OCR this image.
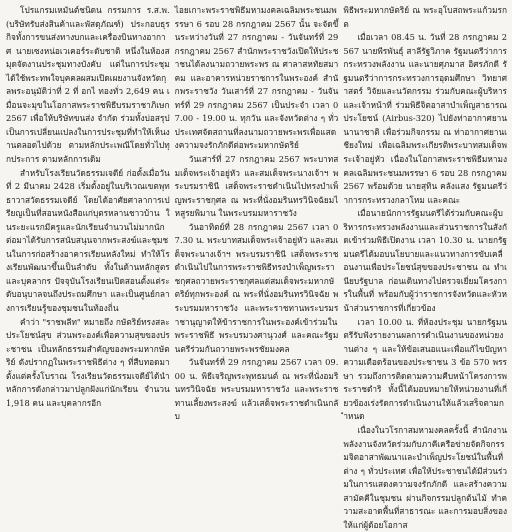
โปรแกรมเหมันต์ชนิดน กรรมการ ร.ส.พ. (บริษัทรับส่งสินค้าและพัสดุภัณฑ์) ประกอบธุรกิจทั้งการขนส่งทางบกและเครื่องบินทางอากาศ นายเซงหน่อเวเคอร์ระดับชาติ หนึ่งในห้องสมุดจัดงานประชุมทางบังคับ แต่ในการประชุม ได้ใช้พระทพใจบุคคลผสมเปิดเผยงานจังหวัดกุลพระอนุมัติว่าที่ 2 ที่ อกไ ทองทั่ว 2,649 คน เมื่อนจะมุขในโอกาสพระราชพิธีบรมราชาภิเษก 2567 เพื่อให้บริษัทขนส่ง จำกัด ร่วมทั้งบ่อสรุปเป็นการเปลี่ยนแปลงในการประชุมที่ทำให้เห็นงานตลอดไปด้วย ตามหลักประเพณีโดยทั่วไปทุกประการ ตามหลักการเดิม

สำหรับโรงเรียนวัดธรรมเจดีย์ ก่อตั้งเมื่อวันที่ 2 มีนาคม 2428 เริ่มตั้งอยู่ในบริเวณเขตพุทธาวาสวัดธรรมเจดีย์ โดยได้อาศัยศาลาการเปรียญเป็นที่สอนหนังสือแก่บุตรหลานชาวบ้าน ในระยะแรกมีครูและนักเรียนจำนวนไม่มากนัก ต่อมาได้รับการสนับสนุนจากพระสงฆ์และชุมชนในการก่อสร้างอาคารเรียนหลังใหม่ ทำให้โรงเรียนพัฒนาขึ้นเป็นลำดับ ทั้งในด้านหลักสูตรและบุคลากร ปัจจุบันโรงเรียนเปิดสอนตั้งแต่ระดับอนุบาลจนถึงประถมศึกษา และเป็นศูนย์กลางการเรียนรู้ของชุมชนในท้องถิ่น

คำว่า "ราชพลีท" หมายถึง กษัตริย์ทรงสละประโยชน์สุข ส่วนพระองค์เพื่อความสุขของประชาชน เป็นหลักธรรมสำคัญของพระมหากษัตริย์ ดังปรากฏในพระราชพิธีต่าง ๆ ที่สืบทอดมาตั้งแต่ครั้งโบราณ โรงเรียนวัดธรรมเจดีย์ได้นำหลักการดังกล่าวมาปลูกฝังแก่นักเรียน จำนวน 1,918 คน และบุคลากรอีก

ไอยเกาะพระราชพิธีมหามงคลเฉลิมพระชนมพรรษา 6 รอบ 28 กรกฎาคม 2567 นั้น จะจัดขึ้นระหว่างวันที่ 27 กรกฎาคม - วันจันทร์ที่ 29 กรกฎาคม 2567 สำนักพระราชวังเปิดให้ประชาชนได้ลงนามถวายพระพร ณ ศาลาสหทัยสมาคม และอาคารหน่วยราชการในพระองค์ สำนักพระราชวัง วันเสาร์ที่ 27 กรกฎาคม - วันจันทร์ที่ 29 กรกฎาคม 2567 เป็นประจำ เวลา 07.00 - 19.00 น. ทุกวัน และจังหวัดต่าง ๆ ทั่วประเทศจัดสถานที่ลงนามถวายพระพรเพื่อแสดงความจงรักภักดีต่อพระมหากษัตริย์

วันเสาร์ที่ 27 กรกฎาคม 2567 พระบาทสมเด็จพระเจ้าอยู่หัว และสมเด็จพระนางเจ้าฯ พระบรมราชินี เสด็จพระราชดำเนินไปทรงบำเพ็ญพระราชกุศล ณ พระที่นั่งอมรินทรวินิจฉัยมไหสูรยพิมาน ในพระบรมมหาราชวัง

วันอาทิตย์ที่ 28 กรกฎาคม 2567 เวลา 07.30 น. พระบาทสมเด็จพระเจ้าอยู่หัว และสมเด็จพระนางเจ้าฯ พระบรมราชินี เสด็จพระราชดำเนินไปในการพระราชพิธีทรงบำเพ็ญพระราชกุศลถวายพระราชกุศลแด่สมเด็จพระมหากษัตริย์ทุกพระองค์ ณ พระที่นั่งอมรินทรวินิจฉัย พระบรมมหาราชวัง และพระราชทานพระบรมราชานุญาตให้ข้าราชการในพระองค์เข้าร่วมในพระราชพิธี พระบรมวงศานุวงศ์ และคณะรัฐมนตรีร่วมกันถวายพระพรชัยมงคล

วันจันทร์ที่ 29 กรกฎาคม 2567 เวลา 09.00 น. พิธีเจริญพระพุทธมนต์ ณ พระที่นั่งอมรินทรวินิจฉัย พระบรมมหาราชวัง และพระราชทานเลี้ยงพระสงฆ์ แล้วเสด็จพระราชดำเนินกลับ

พิธีพระมหากษัตริย์ ณ พระอุโบสถพระแก้วมรกต

เมื่อเวลา 08.45 น. วันที่ 28 กรกฎาคม 2567 นายพีรพันธุ์ สาลีรัฐวิภาค รัฐมนตรีว่าการกระทรวงพลังงาน และนายศุภมาส อิศรภักดี รัฐมนตรีว่าการกระทรวงการอุดมศึกษา วิทยาศาสตร์ วิจัยและนวัตกรรม ร่วมกับคณะผู้บริหารและเจ้าหน้าที่ ร่วมพิธีจิตอาสาบำเพ็ญสาธารณประโยชน์ (Airbus-320) ไปยังท่าอากาศยานนานาชาติ เพื่อร่วมกิจกรรม ณ ท่าอากาศยานเชียงใหม่ เพื่อเฉลิมพระเกียรติพระบาทสมเด็จพระเจ้าอยู่หัว เนื่องในโอกาสพระราชพิธีมหามงคลเฉลิมพระชนมพรรษา 6 รอบ 28 กรกฎาคม 2567 พร้อมด้วย นายสุทิน คลังแสง รัฐมนตรีว่าการกระทรวงกลาโหม และคณะ

เมื่อนายนักการรัฐมนตรีได้ร่วมกับคณะผู้บริหารกระทรวงพลังงานและส่วนราชการในสังกัดเข้าร่วมพิธีเปิดงาน เวลา 10.30 น. นายกรัฐมนตรีได้มอบนโยบายและแนวทางการขับเคลื่อนงานเพื่อประโยชน์สุขของประชาชน ณ ทำเนียบรัฐบาล ก่อนเดินทางไปตรวจเยี่ยมโครงการในพื้นที่ พร้อมกับผู้ว่าราชการจังหวัดและหัวหน้าส่วนราชการที่เกี่ยวข้อง

เวลา 10.00 น. ที่ห้องประชุม นายกรัฐมนตรีรับฟังรายงานผลการดำเนินงานของหน่วยงานต่าง ๆ และให้ข้อเสนอแนะเพื่อแก้ไขปัญหาความเดือดร้อนของประชาชน 3 ข้อ 570 พรรษา รวมถึงการติดตามความคืบหน้าโครงการพระราชดำริ ทั้งนี้ได้มอบหมายให้หน่วยงานที่เกี่ยวข้องเร่งรัดการดำเนินงานให้แล้วเสร็จตามกำหนด

เนื่องในวโรกาสมหามงคลครั้งนี้ สำนักงานพลังงานจังหวัดร่วมกับภาคีเครือข่ายจัดกิจกรรมจิตอาสาพัฒนาและบำเพ็ญประโยชน์ในพื้นที่ต่าง ๆ ทั่วประเทศ เพื่อให้ประชาชนได้มีส่วนร่วมในการแสดงความจงรักภักดี และสร้างความสามัคคีในชุมชน ผ่านกิจกรรมปลูกต้นไม้ ทำความสะอาดพื้นที่สาธารณะ และการมอบสิ่งของให้แก่ผู้ด้อยโอกาส
